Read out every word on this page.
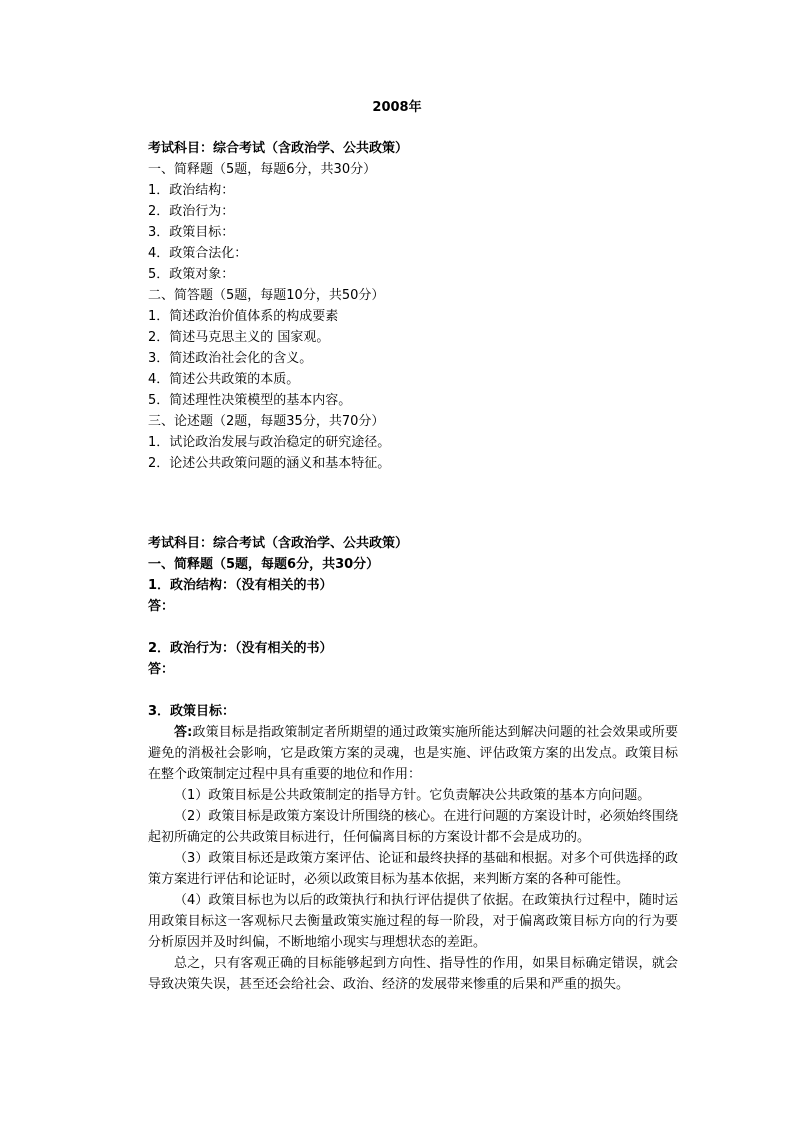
2008年
考试科目：综合考试（含政治学、公共政策）
一、简释题（5题，每题6分，共30分）
1．政治结构：
2．政治行为：
3．政策目标：
4．政策合法化：
5．政策对象：
二、简答题（5题，每题10分，共50分）
1．简述政治价值体系的构成要素
2．简述马克思主义的 国家观。
3．简述政治社会化的含义。
4．简述公共政策的本质。
5．简述理性决策模型的基本内容。
三、论述题（2题，每题35分，共70分）
1．试论政治发展与政治稳定的研究途径。
2．论述公共政策问题的涵义和基本特征。
考试科目：综合考试（含政治学、公共政策）
一、简释题（5题，每题6分，共30分）
1．政治结构：（没有相关的书）
答：
2．政治行为：（没有相关的书）
答：
3．政策目标：
答:政策目标是指政策制定者所期望的通过政策实施所能达到解决问题的社会效果或所要避免的消极社会影响，它是政策方案的灵魂，也是实施、评估政策方案的出发点。政策目标在整个政策制定过程中具有重要的地位和作用：
（1）政策目标是公共政策制定的指导方针。它负责解决公共政策的基本方向问题。
（2）政策目标是政策方案设计所围绕的核心。在进行问题的方案设计时，必须始终围绕起初所确定的公共政策目标进行，任何偏离目标的方案设计都不会是成功的。
（3）政策目标还是政策方案评估、论证和最终抉择的基础和根据。对多个可供选择的政策方案进行评估和论证时，必须以政策目标为基本依据，来判断方案的各种可能性。
（4）政策目标也为以后的政策执行和执行评估提供了依据。在政策执行过程中，随时运用政策目标这一客观标尺去衡量政策实施过程的每一阶段，对于偏离政策目标方向的行为要分析原因并及时纠偏，不断地缩小现实与理想状态的差距。
总之，只有客观正确的目标能够起到方向性、指导性的作用，如果目标确定错误，就会导致决策失误，甚至还会给社会、政治、经济的发展带来惨重的后果和严重的损失。
